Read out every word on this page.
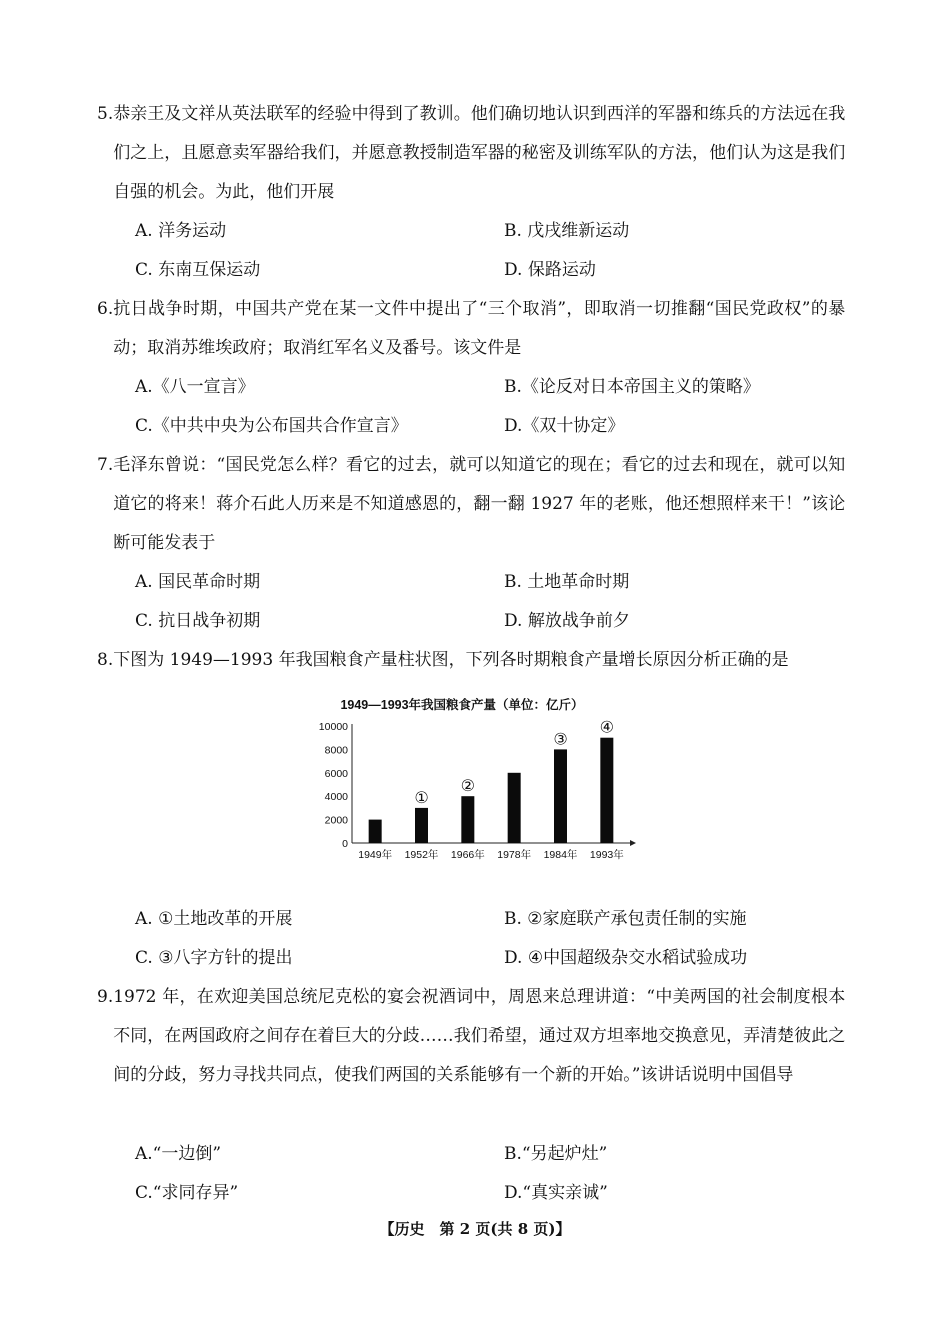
5.恭亲王及文祥从英法联军的经验中得到了教训。他们确切地认识到西洋的军器和练兵的方法远在我们之上，且愿意卖军器给我们，并愿意教授制造军器的秘密及训练军队的方法，他们认为这是我们自强的机会。为此，他们开展

A. 洋务运动	B. 戊戌维新运动
C. 东南互保运动	D. 保路运动

6.抗日战争时期，中国共产党在某一文件中提出了“三个取消”，即取消一切推翻“国民党政权”的暴动；取消苏维埃政府；取消红军名义及番号。该文件是

A.《八一宣言》	B.《论反对日本帝国主义的策略》
C.《中共中央为公布国共合作宣言》	D.《双十协定》

7.毛泽东曾说：“国民党怎么样？看它的过去，就可以知道它的现在；看它的过去和现在，就可以知道它的将来！蒋介石此人历来是不知道感恩的，翻一翻 1927 年的老账，他还想照样来干！”该论断可能发表于

A. 国民革命时期	B. 土地革命时期
C. 抗日战争初期	D. 解放战争前夕

8.下图为 1949—1993 年我国粮食产量柱状图，下列各时期粮食产量增长原因分析正确的是

1949—1993年我国粮食产量（单位：亿斤）
0
2000
4000
6000
8000
10000
1949年 1952年
①
1966年
②
1978年 1984年
③
1993年
④
A. ①土地改革的开展	B. ②家庭联产承包责任制的实施
C. ③八字方针的提出	D. ④中国超级杂交水稻试验成功

9.1972 年，在欢迎美国总统尼克松的宴会祝酒词中，周恩来总理讲道：“中美两国的社会制度根本不同，在两国政府之间存在着巨大的分歧……我们希望，通过双方坦率地交换意见，弄清楚彼此之间的分歧，努力寻找共同点，使我们两国的关系能够有一个新的开始。”该讲话说明中国倡导

A.“一边倒”	B.“另起炉灶”
C.“求同存异”	D.“真实亲诚”
【历史　第 2 页(共 8 页)】
